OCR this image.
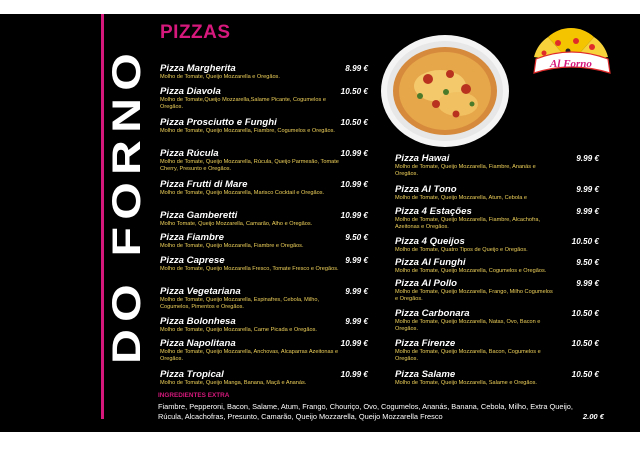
DO FORNO
PIZZAS
Al Forno
Pizza Margherita
Molho de Tomate, Queijo Mozzarella e Oregãos.
8.99 €
Pizza Diavola
Molho de Tomate,Queijo Mozzarella,Salame Picante, Cogumelos e Oregãos.
10.50 €
Pizza Prosciutto e Funghi
Molho de Tomate, Queijo Mozzarella, Fiambre, Cogumelos e Oregãos.
10.50 €
Pizza Rúcula
Molho de Tomate, Queijo Mozzarella, Rúcula, Queijo Parmesão, Tomate Cherry, Presunto e Oregãos.
10.99 €
Pizza Frutti di Mare
Molho de Tomate, Queijo Mozzarella, Marisco Cocktail e Oregãos.
10.99 €
Pizza Gamberetti
Molho Tomate, Queijo Mozzarella, Camarão, Alho e Oregãos.
10.99 €
Pizza Fiambre
Molho de Tomate, Queijo Mozzarella, Fiambre e Oregãos.
9.50 €
Pizza Caprese
Molho de Tomate, Queijo Mozzarella Fresco, Tomate Fresco e Oregãos.
9.99 €
Pizza Vegetariana
Molho de Tomate, Queijo Mozzarella, Espinafres, Cebola, Milho, Cogumelos, Pimentos e Oregãos.
9.99 €
Pizza Bolonhesa
Molho de Tomate, Queijo Mozzarella, Carne Picada e Oregãos.
9.99 €
Pizza Napolitana
Molho de Tomate, Queijo Mozzarella, Anchovas, Alcaparras Azeitonas e Oregãos.
10.99 €
Pizza Tropical
Molho de Tomate, Queijo Manga, Banana, Maçã e Ananás.
10.99 €
Pizza Hawai
Molho de Tomate, Queijo Mozzarella, Fiambre, Ananás e Oregãos.
9.99 €
Pizza Al Tono
Molho de Tomate, Queijo Mozzarella, Atum, Cebola e
9.99 €
Pizza 4 Estações
Molho de Tomate, Queijo Mozzarella, Fiambre, Alcachofra, Azeitonas e Oregãos.
9.99 €
Pizza 4 Queijos
Molho de Tomate, Quatro Tipos de Queijo e Oregãos.
10.50 €
Pizza Al Funghi
Molho de Tomate, Queijo Mozzarella, Cogumelos e Oregãos.
9.50 €
Pizza Al Pollo
Molho de Tomate, Queijo Mozzarella, Frango, Milho Cogumelos e Oregãos.
9.99 €
Pizza Carbonara
Molho de Tomate, Queijo Mozzarella, Natas, Ovo, Bacon e Oregãos.
10.50 €
Pizza Firenze
Molho de Tomate, Queijo Mozzarella, Bacon, Cogumelos e Oregãos.
10.50 €
Pizza Salame
Molho de Tomate, Queijo Mozzarella, Salame e Oregãos.
10.50 €
INGREDIENTES EXTRA
Fiambre, Pepperoni, Bacon, Salame, Atum, Frango, Chouriço, Ovo, Cogumelos, Ananás, Banana, Cebola, Milho, Extra Queijo, Rúcula, Alcachofras, Presunto, Camarão, Queijo Mozzarella, Queijo Mozzarella Fresco	2.00 €
